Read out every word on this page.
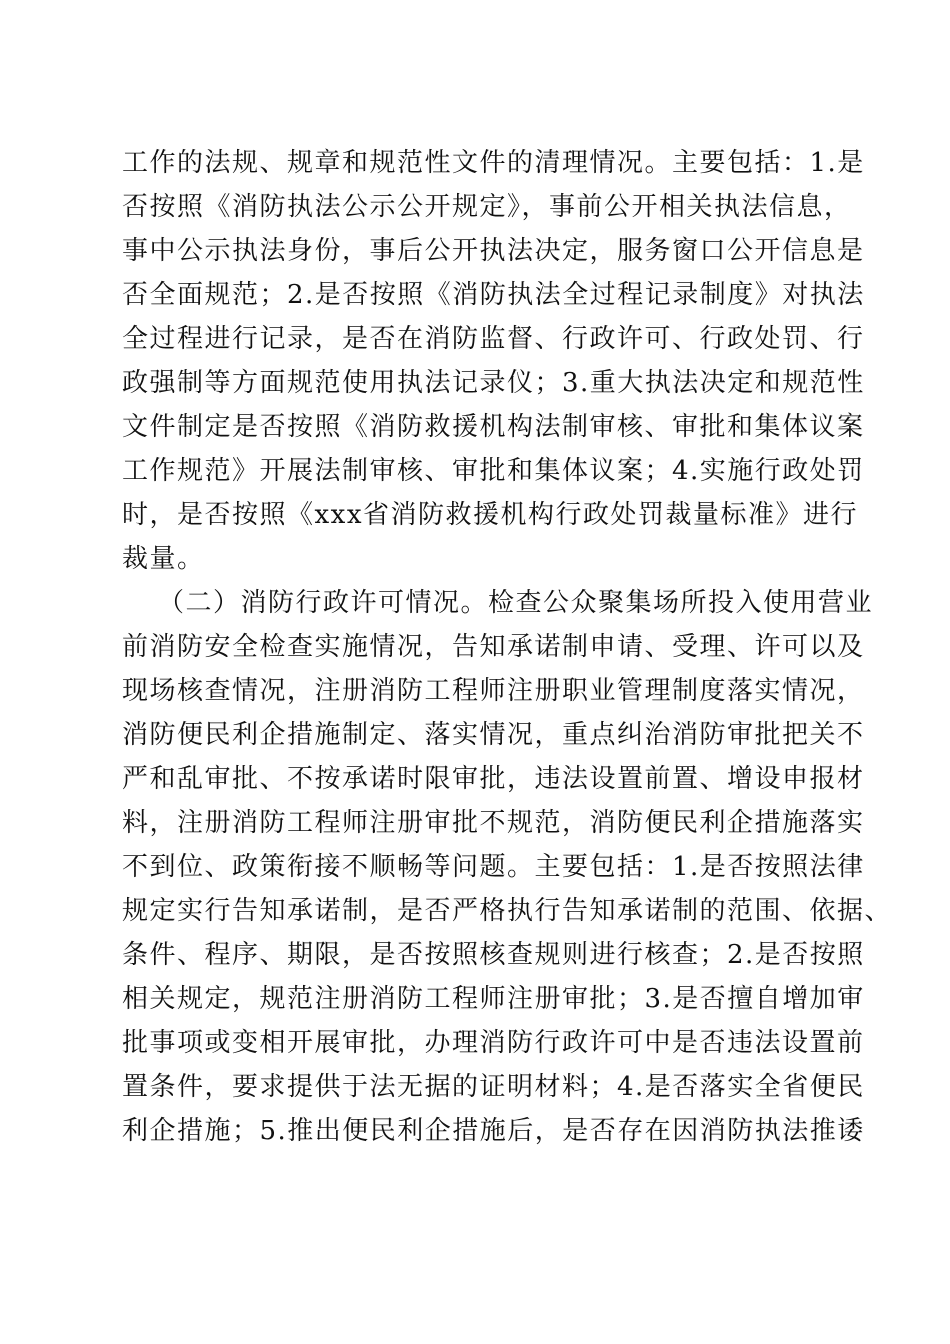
工作的法规、规章和规范性文件的清理情况。主要包括：1.是
否按照《消防执法公示公开规定》，事前公开相关执法信息，
事中公示执法身份，事后公开执法决定，服务窗口公开信息是
否全面规范；2.是否按照《消防执法全过程记录制度》对执法
全过程进行记录，是否在消防监督、行政许可、行政处罚、行
政强制等方面规范使用执法记录仪；3.重大执法决定和规范性
文件制定是否按照《消防救援机构法制审核、审批和集体议案
工作规范》开展法制审核、审批和集体议案；4.实施行政处罚
时，是否按照《xxx省消防救援机构行政处罚裁量标准》进行
裁量。
（二）消防行政许可情况。检查公众聚集场所投入使用营业
前消防安全检查实施情况，告知承诺制申请、受理、许可以及
现场核查情况，注册消防工程师注册职业管理制度落实情况，
消防便民利企措施制定、落实情况，重点纠治消防审批把关不
严和乱审批、不按承诺时限审批，违法设置前置、增设申报材
料，注册消防工程师注册审批不规范，消防便民利企措施落实
不到位、政策衔接不顺畅等问题。主要包括：1.是否按照法律
规定实行告知承诺制，是否严格执行告知承诺制的范围、依据、
条件、程序、期限，是否按照核查规则进行核查；2.是否按照
相关规定，规范注册消防工程师注册审批；3.是否擅自增加审
批事项或变相开展审批，办理消防行政许可中是否违法设置前
置条件，要求提供于法无据的证明材料；4.是否落实全省便民
利企措施；5.推出便民利企措施后，是否存在因消防执法推诿
